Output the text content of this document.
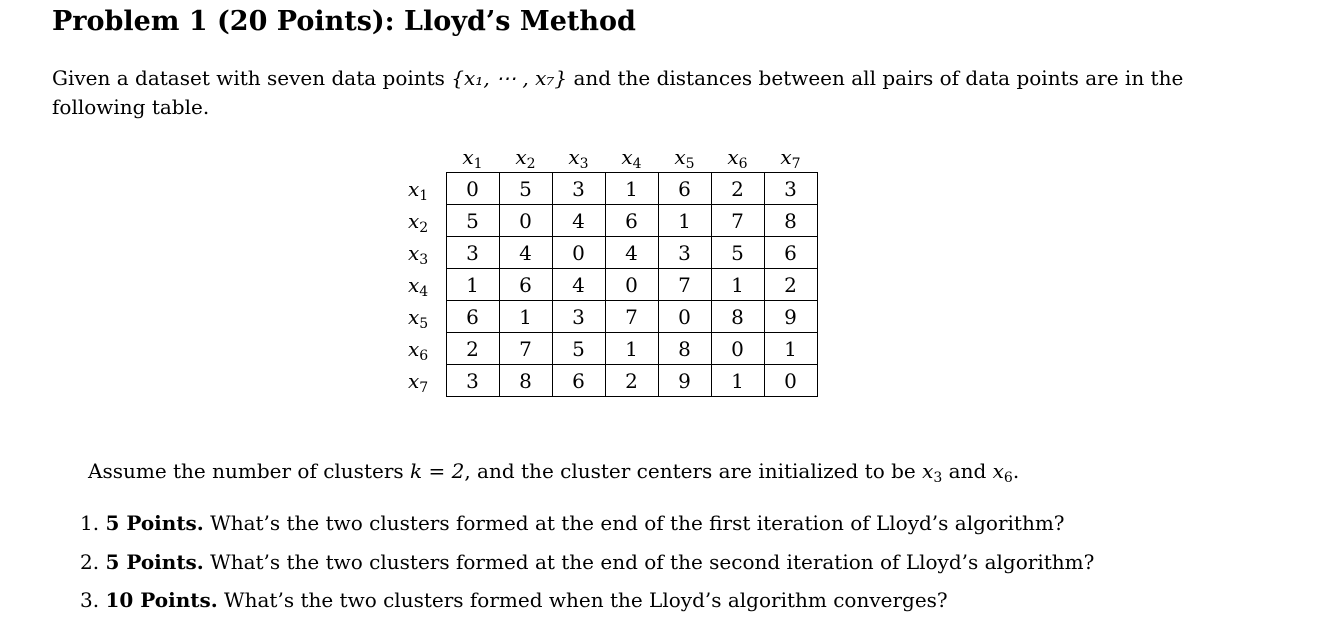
Problem 1 (20 Points): Lloyd’s Method
Given a dataset with seven data points {x₁, ⋯ , x₇} and the distances between all pairs of data points are in the following table.
	$x_1$	$x_2$	$x_3$	$x_4$	$x_5$	$x_6$	$x_7$
$x_1$	0	5	3	1	6	2	3
$x_2$	5	0	4	6	1	7	8
$x_3$	3	4	0	4	3	5	6
$x_4$	1	6	4	0	7	1	2
$x_5$	6	1	3	7	0	8	9
$x_6$	2	7	5	1	8	0	1
$x_7$	3	8	6	2	9	1	0
Assume the number of clusters k = 2, and the cluster centers are initialized to be $x_3$ and $x_6$.
1. 5 Points. What’s the two clusters formed at the end of the first iteration of Lloyd’s algorithm?
2. 5 Points. What’s the two clusters formed at the end of the second iteration of Lloyd’s algorithm?
3. 10 Points. What’s the two clusters formed when the Lloyd’s algorithm converges?
